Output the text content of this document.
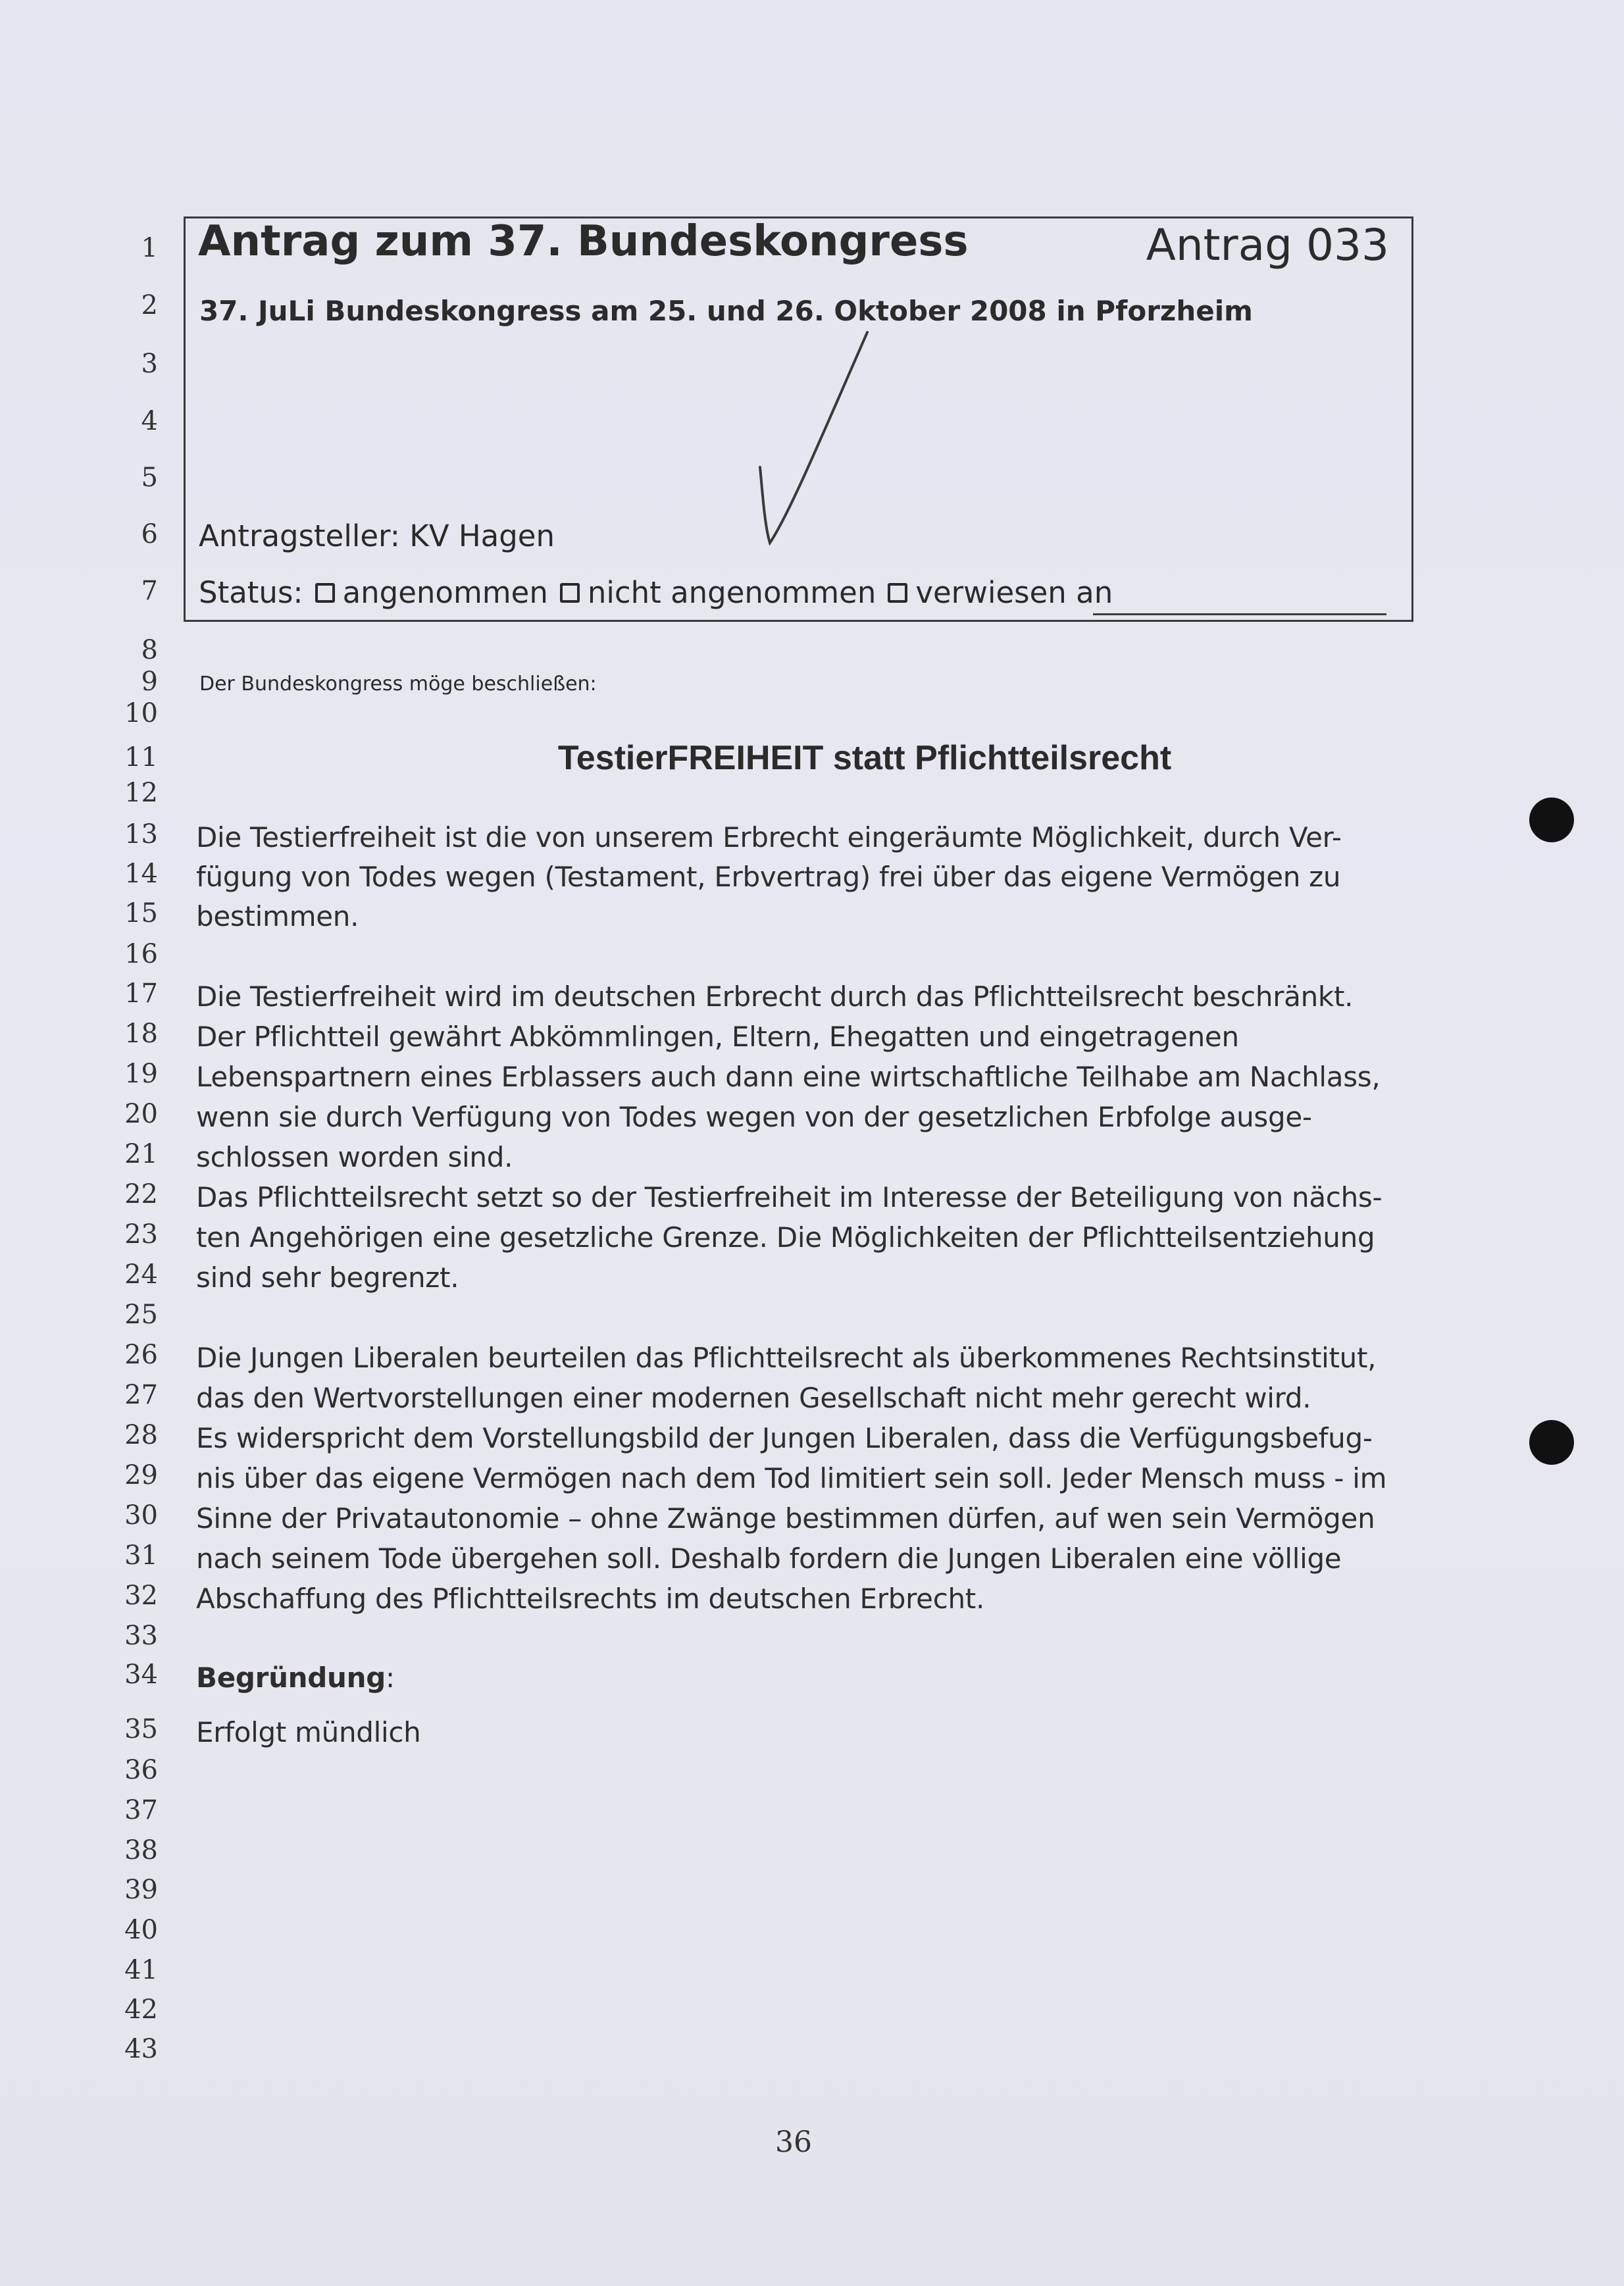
Antrag zum 37. Bundeskongress	Antrag 033
37. JuLi Bundeskongress am 25. und 26. Oktober 2008 in Pforzheim
Antragsteller: KV Hagen
Status: angenommen nicht angenommen verwiesen an
1
2
3
4
5
6
7
8
9
10
11
12
13
14
15
16
17
18
19
20
21
22
23
24
25
26
27
28
29
30
31
32
33
34
35
36
37
38
39
40
41
42
43
Der Bundeskongress möge beschließen:
TestierFREIHEIT statt Pflichtteilsrecht
Die Testierfreiheit ist die von unserem Erbrecht eingeräumte Möglichkeit, durch Ver-
fügung von Todes wegen (Testament, Erbvertrag) frei über das eigene Vermögen zu
bestimmen.
Die Testierfreiheit wird im deutschen Erbrecht durch das Pflichtteilsrecht beschränkt.
Der Pflichtteil gewährt Abkömmlingen, Eltern, Ehegatten und eingetragenen
Lebenspartnern eines Erblassers auch dann eine wirtschaftliche Teilhabe am Nachlass,
wenn sie durch Verfügung von Todes wegen von der gesetzlichen Erbfolge ausge-
schlossen worden sind.
Das Pflichtteilsrecht setzt so der Testierfreiheit im Interesse der Beteiligung von nächs-
ten Angehörigen eine gesetzliche Grenze. Die Möglichkeiten der Pflichtteilsentziehung
sind sehr begrenzt.
Die Jungen Liberalen beurteilen das Pflichtteilsrecht als überkommenes Rechtsinstitut,
das den Wertvorstellungen einer modernen Gesellschaft nicht mehr gerecht wird.
Es widerspricht dem Vorstellungsbild der Jungen Liberalen, dass die Verfügungsbefug-
nis über das eigene Vermögen nach dem Tod limitiert sein soll. Jeder Mensch muss - im
Sinne der Privatautonomie – ohne Zwänge bestimmen dürfen, auf wen sein Vermögen
nach seinem Tode übergehen soll. Deshalb fordern die Jungen Liberalen eine völlige
Abschaffung des Pflichtteilsrechts im deutschen Erbrecht.
Begründung:
Erfolgt mündlich
36
